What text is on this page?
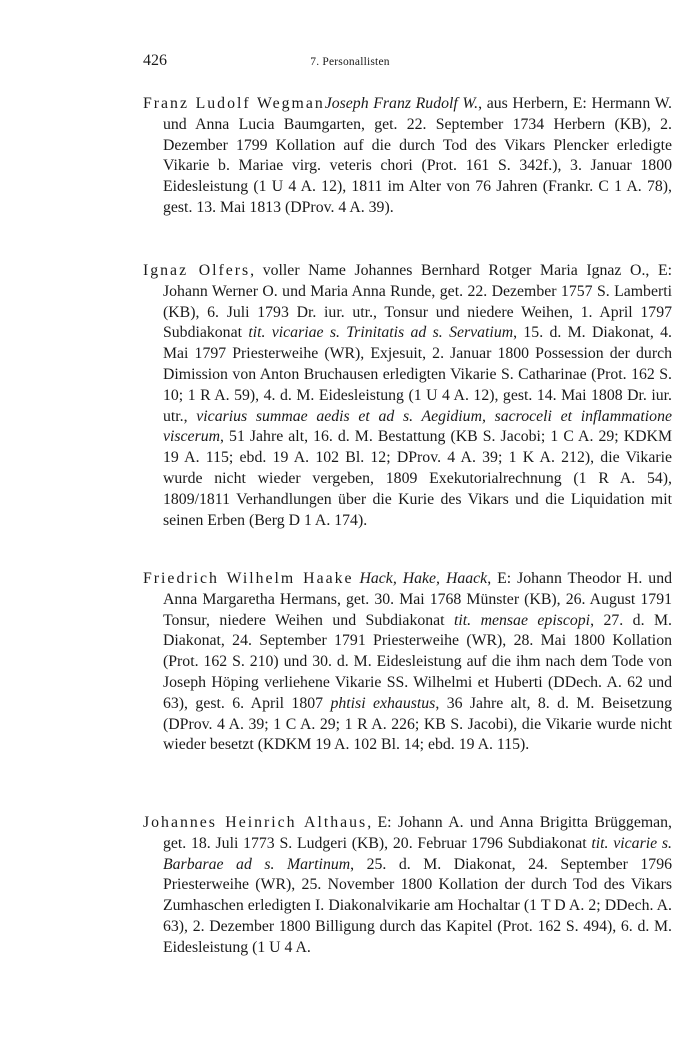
426	7. Personallisten
Franz Ludolf WegmanJoseph Franz Rudolf W., aus Herbern, E: Hermann W. und Anna Lucia Baumgarten, get. 22. September 1734 Herbern (KB), 2. Dezember 1799 Kollation auf die durch Tod des Vikars Plencker erledigte Vikarie b. Mariae virg. veteris chori (Prot. 161 S. 342f.), 3. Januar 1800 Eidesleistung (1 U 4 A. 12), 1811 im Alter von 76 Jahren (Frankr. C 1 A. 78), gest. 13. Mai 1813 (DProv. 4 A. 39).
Ignaz Olfers, voller Name Johannes Bernhard Rotger Maria Ignaz O., E: Johann Werner O. und Maria Anna Runde, get. 22. Dezember 1757 S. Lamberti (KB), 6. Juli 1793 Dr. iur. utr., Tonsur und niedere Weihen, 1. April 1797 Subdiakonat tit. vicariae s. Trinitatis ad s. Servatium, 15. d. M. Diakonat, 4. Mai 1797 Priesterweihe (WR), Exjesuit, 2. Januar 1800 Possession der durch Dimission von Anton Bruchausen erledigten Vikarie S. Catharinae (Prot. 162 S. 10; 1 R A. 59), 4. d. M. Eidesleistung (1 U 4 A. 12), gest. 14. Mai 1808 Dr. iur. utr., vicarius summae aedis et ad s. Aegidium, sacroceli et inflammatione viscerum, 51 Jahre alt, 16. d. M. Bestattung (KB S. Jacobi; 1 C A. 29; KDKM 19 A. 115; ebd. 19 A. 102 Bl. 12; DProv. 4 A. 39; 1 K A. 212), die Vikarie wurde nicht wieder vergeben, 1809 Exekutorialrechnung (1 R A. 54), 1809/1811 Verhandlungen über die Kurie des Vikars und die Liquidation mit seinen Erben (Berg D 1 A. 174).
Friedrich Wilhelm Haake Hack, Hake, Haack, E: Johann Theodor H. und Anna Margaretha Hermans, get. 30. Mai 1768 Münster (KB), 26. August 1791 Tonsur, niedere Weihen und Subdiakonat tit. mensae episcopi, 27. d. M. Diakonat, 24. September 1791 Priesterweihe (WR), 28. Mai 1800 Kollation (Prot. 162 S. 210) und 30. d. M. Eidesleistung auf die ihm nach dem Tode von Joseph Höping verliehene Vikarie SS. Wilhelmi et Huberti (DDech. A. 62 und 63), gest. 6. April 1807 phtisi exhaustus, 36 Jahre alt, 8. d. M. Beisetzung (DProv. 4 A. 39; 1 C A. 29; 1 R A. 226; KB S. Jacobi), die Vikarie wurde nicht wieder besetzt (KDKM 19 A. 102 Bl. 14; ebd. 19 A. 115).
Johannes Heinrich Althaus, E: Johann A. und Anna Brigitta Brüggeman, get. 18. Juli 1773 S. Ludgeri (KB), 20. Februar 1796 Subdiakonat tit. vicarie s. Barbarae ad s. Martinum, 25. d. M. Diakonat, 24. September 1796 Priesterweihe (WR), 25. November 1800 Kollation der durch Tod des Vikars Zumhaschen erledigten I. Diakonalvikarie am Hochaltar (1 T D A. 2; DDech. A. 63), 2. Dezember 1800 Billigung durch das Kapitel (Prot. 162 S. 494), 6. d. M. Eidesleistung (1 U 4 A.
